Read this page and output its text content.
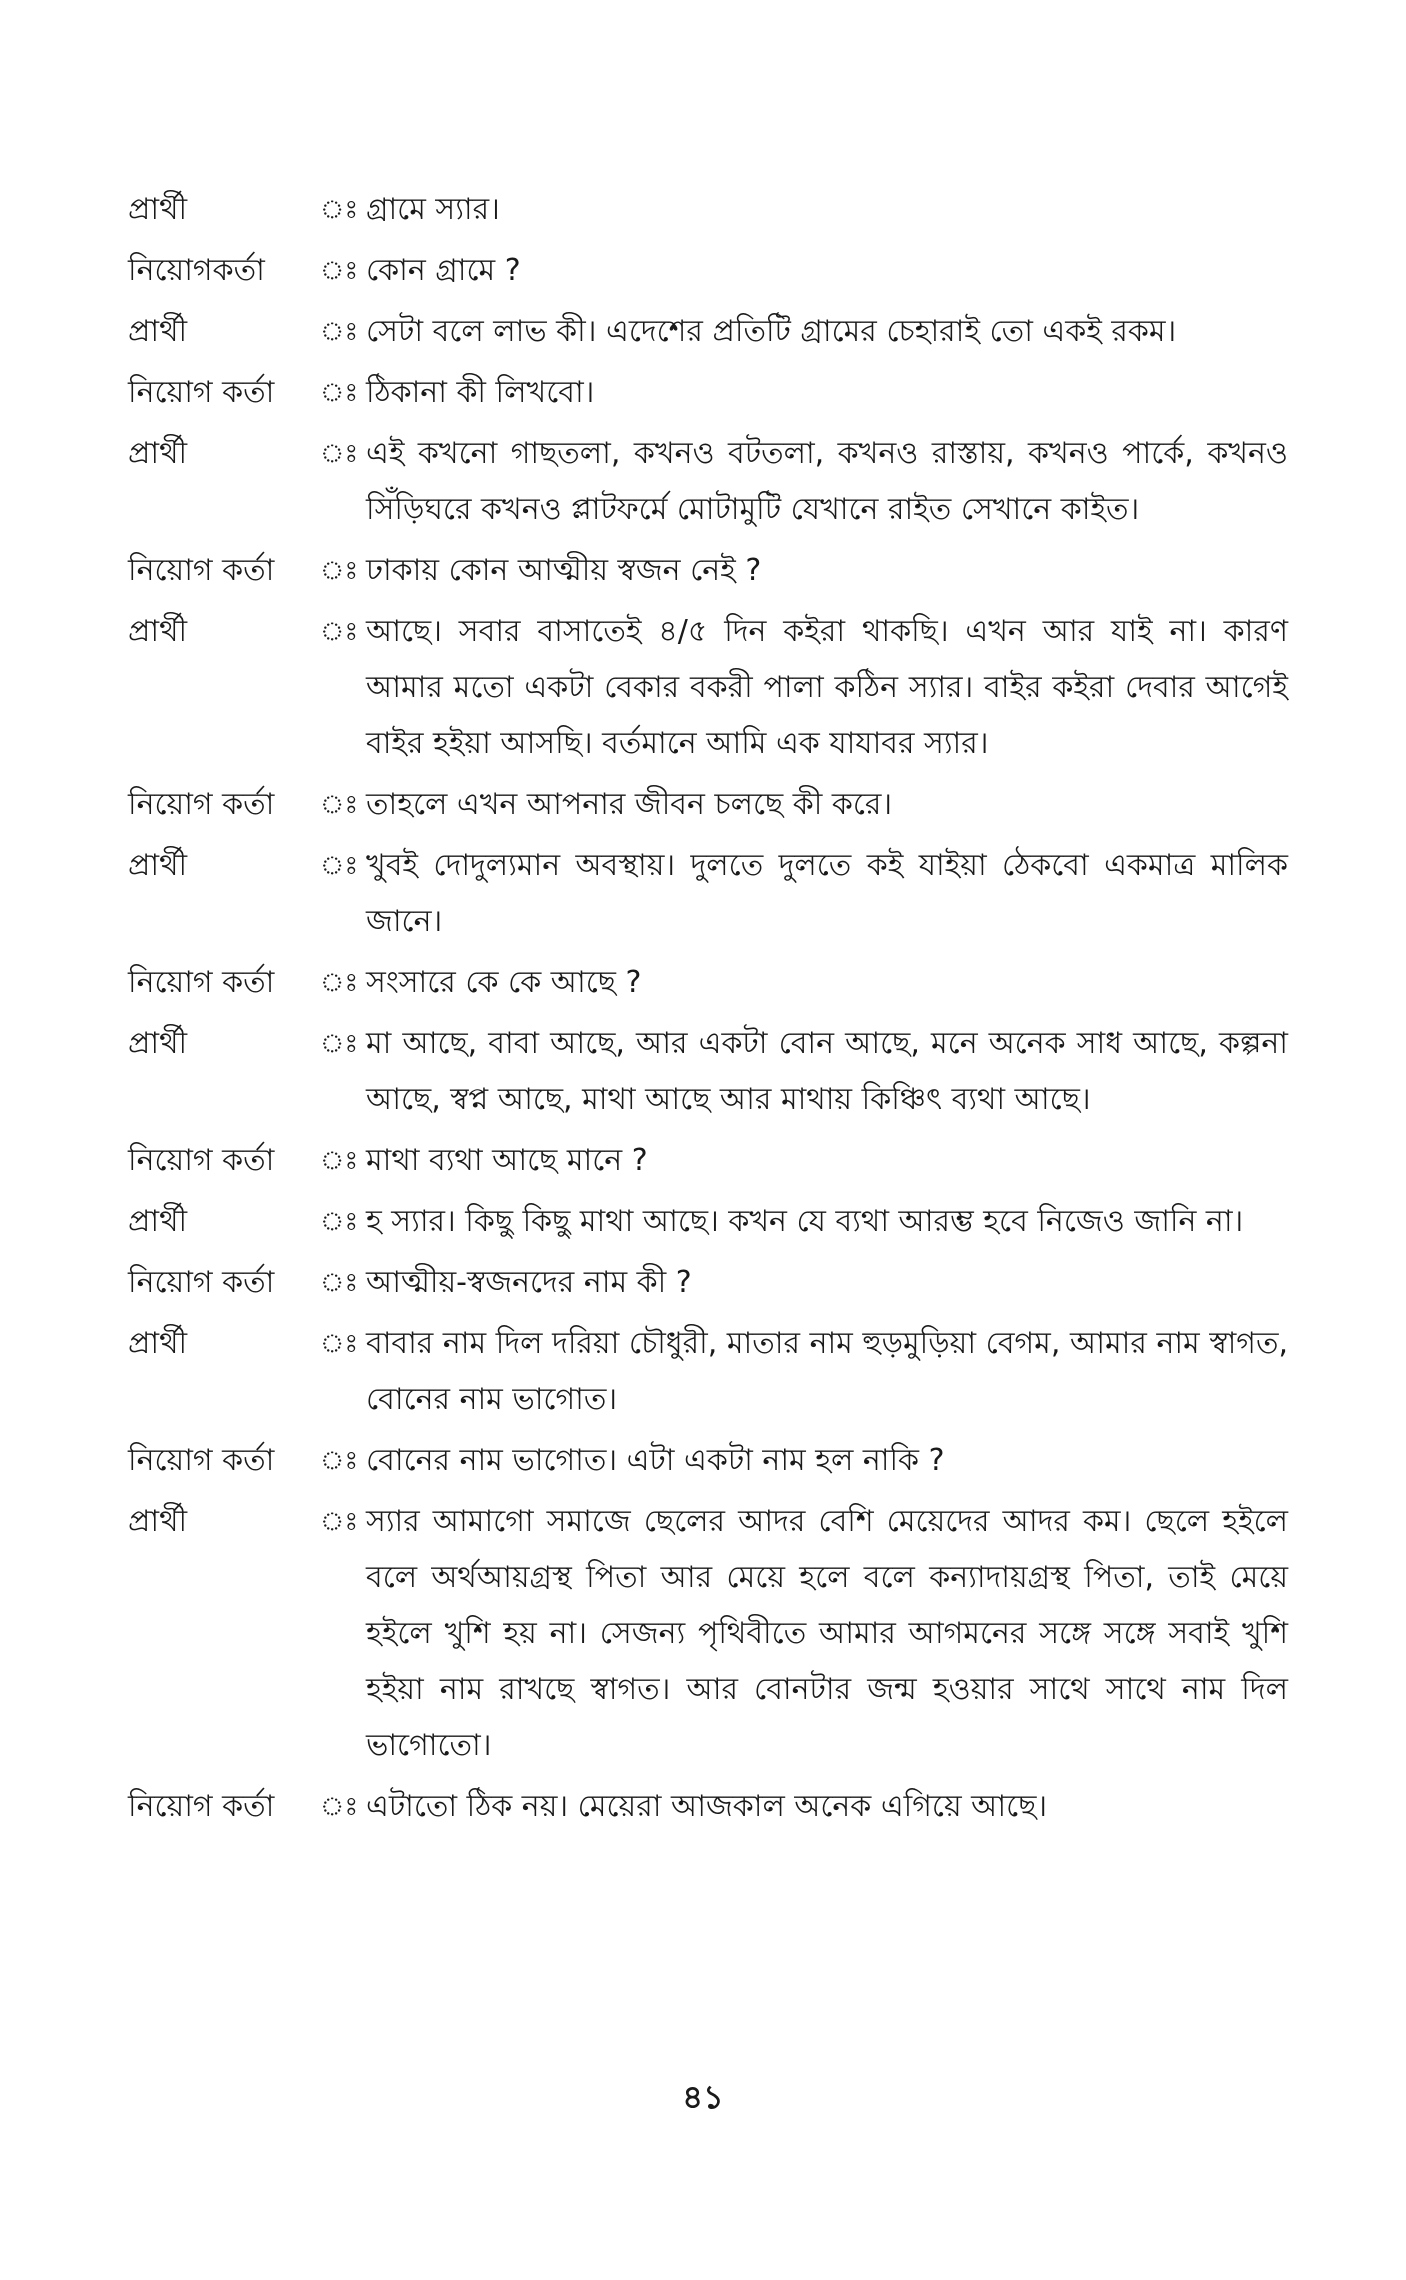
প্রার্থী	ঃ গ্রামে স্যার।
নিয়োগকর্তা	ঃ কোন গ্রামে ?
প্রার্থী	ঃ সেটা বলে লাভ কী। এদেশের প্রতিটি গ্রামের চেহারাই তো একই রকম।
নিয়োগ কর্তা	ঃ ঠিকানা কী লিখবো।
প্রার্থী	ঃ এই কখনো গাছতলা, কখনও বটতলা, কখনও রাস্তায়, কখনও পার্কে, কখনও সিঁড়িঘরে কখনও প্লাটফর্মে মোটামুটি যেখানে রাইত সেখানে কাইত।
নিয়োগ কর্তা	ঃ ঢাকায় কোন আত্মীয় স্বজন নেই ?
প্রার্থী	ঃ আছে। সবার বাসাতেই ৪/৫ দিন কইরা থাকছি। এখন আর যাই না। কারণ আমার মতো একটা বেকার বকরী পালা কঠিন স্যার। বাইর কইরা দেবার আগেই বাইর হইয়া আসছি। বর্তমানে আমি এক যাযাবর স্যার।
নিয়োগ কর্তা	ঃ তাহলে এখন আপনার জীবন চলছে কী করে।
প্রার্থী	ঃ খুবই দোদুল্যমান অবস্থায়। দুলতে দুলতে কই যাইয়া ঠেকবো একমাত্র মালিক জানে।
নিয়োগ কর্তা	ঃ সংসারে কে কে আছে ?
প্রার্থী	ঃ মা আছে, বাবা আছে, আর একটা বোন আছে, মনে অনেক সাধ আছে, কল্পনা আছে, স্বপ্ন আছে, মাথা আছে আর মাথায় কিঞ্চিৎ ব্যথা আছে।
নিয়োগ কর্তা	ঃ মাথা ব্যথা আছে মানে ?
প্রার্থী	ঃ হ স্যার। কিছু কিছু মাথা আছে। কখন যে ব্যথা আরম্ভ হবে নিজেও জানি না।
নিয়োগ কর্তা	ঃ আত্মীয়-স্বজনদের নাম কী ?
প্রার্থী	ঃ বাবার নাম দিল দরিয়া চৌধুরী, মাতার নাম হুড়মুড়িয়া বেগম, আমার নাম স্বাগত, বোনের নাম ভাগোত।
নিয়োগ কর্তা	ঃ বোনের নাম ভাগোত। এটা একটা নাম হল নাকি ?
প্রার্থী	ঃ স্যার আমাগো সমাজে ছেলের আদর বেশি মেয়েদের আদর কম। ছেলে হইলে বলে অর্থআয়গ্রস্থ পিতা আর মেয়ে হলে বলে কন্যাদায়গ্রস্থ পিতা, তাই মেয়ে হইলে খুশি হয় না। সেজন্য পৃথিবীতে আমার আগমনের সঙ্গে সঙ্গে সবাই খুশি হইয়া নাম রাখছে স্বাগত। আর বোনটার জন্ম হওয়ার সাথে সাথে নাম দিল ভাগোতো।
নিয়োগ কর্তা	ঃ এটাতো ঠিক নয়। মেয়েরা আজকাল অনেক এগিয়ে আছে।
৪১
